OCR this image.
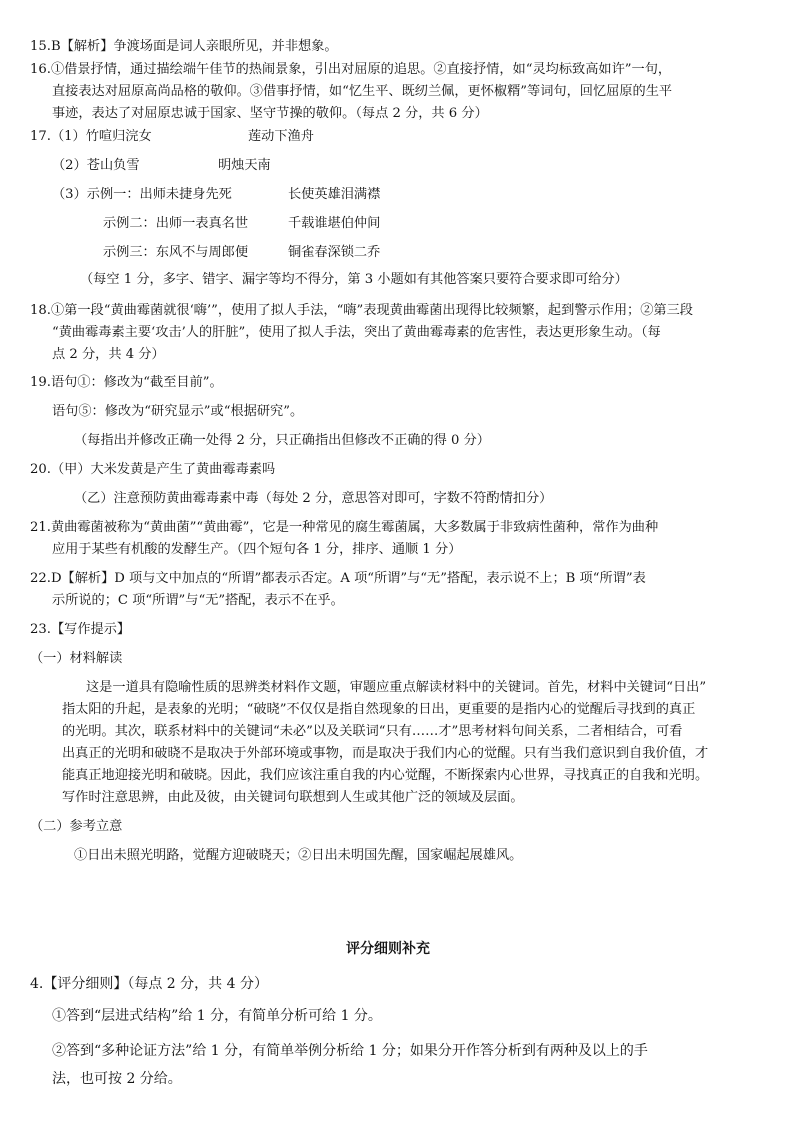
15.B【解析】争渡场面是词人亲眼所见，并非想象。
16.①借景抒情，通过描绘端午佳节的热闹景象，引出对屈原的追思。②直接抒情，如“灵均标致高如许”一句，
直接表达对屈原高尚品格的敬仰。③借事抒情，如“忆生平、既纫兰佩，更怀椒糈”等词句，回忆屈原的生平
事迹，表达了对屈原忠诚于国家、坚守节操的敬仰。（每点 2 分，共 6 分）
17.（1）竹喧归浣女	莲动下渔舟
（2）苍山负雪	明烛天南
（3）示例一：出师未捷身先死	长使英雄泪满襟
示例二：出师一表真名世	千载谁堪伯仲间
示例三：东风不与周郎便	铜雀春深锁二乔
（每空 1 分，多字、错字、漏字等均不得分，第 3 小题如有其他答案只要符合要求即可给分）
18.①第一段“黄曲霉菌就很‘嗨’”，使用了拟人手法，“嗨”表现黄曲霉菌出现得比较频繁，起到警示作用；②第三段
“黄曲霉毒素主要‘攻击’人的肝脏”，使用了拟人手法，突出了黄曲霉毒素的危害性，表达更形象生动。（每
点 2 分，共 4 分）
19.语句①：修改为“截至目前”。
语句⑤：修改为“研究显示”或“根据研究”。
（每指出并修改正确一处得 2 分，只正确指出但修改不正确的得 0 分）
20.（甲）大米发黄是产生了黄曲霉毒素吗
（乙）注意预防黄曲霉毒素中毒（每处 2 分，意思答对即可，字数不符酌情扣分）
21.黄曲霉菌被称为“黄曲菌”“黄曲霉”，它是一种常见的腐生霉菌属，大多数属于非致病性菌种，常作为曲种
应用于某些有机酸的发酵生产。（四个短句各 1 分，排序、通顺 1 分）
22.D【解析】D 项与文中加点的“所谓”都表示否定。A 项“所谓”与“无”搭配，表示说不上；B 项“所谓”表
示所说的；C 项“所谓”与“无”搭配，表示不在乎。
23.【写作提示】
（一）材料解读
这是一道具有隐喻性质的思辨类材料作文题，审题应重点解读材料中的关键词。首先，材料中关键词“日出”
指太阳的升起，是表象的光明；“破晓”不仅仅是指自然现象的日出，更重要的是指内心的觉醒后寻找到的真正
的光明。其次，联系材料中的关键词“未必”以及关联词“只有……才”思考材料句间关系，二者相结合，可看
出真正的光明和破晓不是取决于外部环境或事物，而是取决于我们内心的觉醒。只有当我们意识到自我价值，才
能真正地迎接光明和破晓。因此，我们应该注重自我的内心觉醒，不断探索内心世界，寻找真正的自我和光明。
写作时注意思辨，由此及彼，由关键词句联想到人生或其他广泛的领域及层面。
（二）参考立意
①日出未照光明路，觉醒方迎破晓天；②日出未明国先醒，国家崛起展雄风。
评分细则补充
4.【评分细则】（每点 2 分，共 4 分）
①答到“层进式结构”给 1 分，有简单分析可给 1 分。
②答到“多种论证方法”给 1 分，有简单举例分析给 1 分；如果分开作答分析到有两种及以上的手
法，也可按 2 分给。
